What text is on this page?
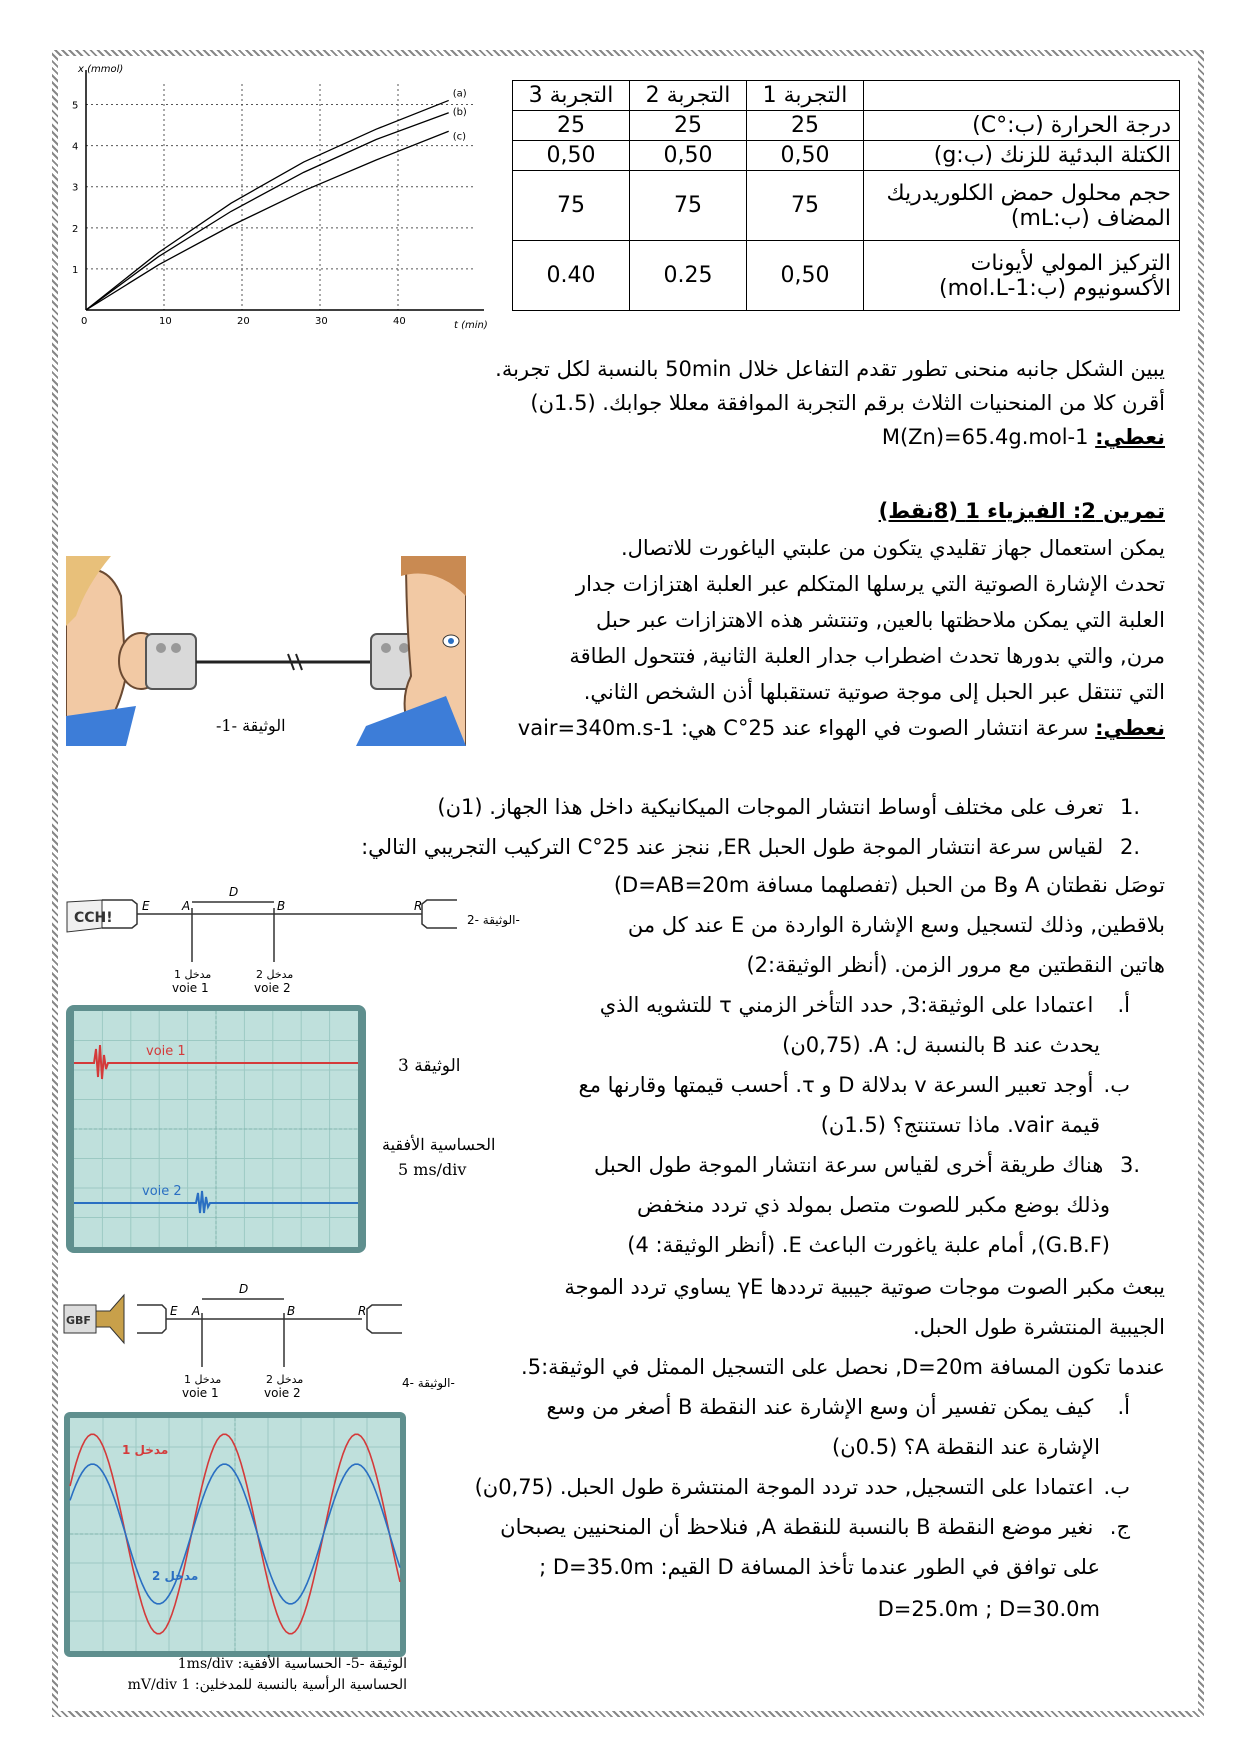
1
2
3
4
5
0	10	20	30	40
x (mmol)
t (min)
(a)
(b)
(c)
التجربة 3	التجربة 2	التجربة 1	
25	25	25	درجة الحرارة (ب:°C)
0,50	0,50	0,50	الكتلة البدئية للزنك (ب:g)
75	75	75	حجم محلول حمض الكلوريدريك المضاف (ب:mL)
0.40	0.25	0,50	التركيز المولي لأيونات الأكسونيوم (ب:mol.L-1)
يبين الشكل جانبه منحنى تطور تقدم التفاعل خلال 50min بالنسبة لكل تجربة.
أقرن كلا من المنحنيات الثلاث برقم التجربة الموافقة معللا جوابك. (1.5ن)
نعطي: M(Zn)=65.4g.mol-1
تمرين 2: الفيزياء 1 (8نقط)
الوثيقة -1-
يمكن استعمال جهاز تقليدي يتكون من علبتي الياغورت للاتصال.
تحدث الإشارة الصوتية التي يرسلها المتكلم عبر العلبة اهتزازات جدار
العلبة التي يمكن ملاحظتها بالعين, وتنتشر هذه الاهتزازات عبر حبل
مرن, والتي بدورها تحدث اضطراب جدار العلبة الثانية, فتتحول الطاقة
التي تنتقل عبر الحبل إلى موجة صوتية تستقبلها أذن الشخص الثاني.
نعطي: سرعة انتشار الصوت في الهواء عند 25°C هي: vair=340m.s-1
.1 تعرف على مختلف أوساط انتشار الموجات الميكانيكية داخل هذا الجهاز. (1ن)
.2 لقياس سرعة انتشار الموجة طول الحبل ER, ننجز عند 25°C التركيب التجريبي التالي:
توصَل نقطتان A وB من الحبل (تفصلهما مسافة D=AB=20m)
بلاقطين, وذلك لتسجيل وسع الإشارة الواردة من E عند كل من
هاتين النقطتين مع مرور الزمن. (أنظر الوثيقة:2)
أ. اعتمادا على الوثيقة:3, حدد التأخر الزمني τ للتشويه الذي
يحدث عند B بالنسبة ل: A. (0,75ن)
ب. أوجد تعبير السرعة v بدلالة D و τ. أحسب قيمتها وقارنها مع
قيمة vair. ماذا تستنتج؟ (1.5ن)
.3 هناك طريقة أخرى لقياس سرعة انتشار الموجة طول الحبل
وذلك بوضع مكبر للصوت متصل بمولد ذي تردد منخفض
(G.B.F), أمام علبة ياغورت الباعث E. (أنظر الوثيقة: 4)
يبعث مكبر الصوت موجات صوتية جيبية ترددها γE يساوي تردد الموجة
الجيبية المنتشرة طول الحبل.
عندما تكون المسافة D=20m, نحصل على التسجيل الممثل في الوثيقة:5.
أ. كيف يمكن تفسير أن وسع الإشارة عند النقطة B أصغر من وسع
الإشارة عند النقطة A؟ (0.5ن)
ب. اعتمادا على التسجيل, حدد تردد الموجة المنتشرة طول الحبل. (0,75ن)
ج. نغير موضع النقطة B بالنسبة للنقطة A, فنلاحظ أن المنحنيين يصبحان
على توافق في الطور عندما تأخذ المسافة D القيم: D=35.0m ;
D=25.0m ; D=30.0m
CCH!
E	A	B	R
D
مدخل 1
voie 1
مدخل 2
voie 2
الوثيقة -2-
voie 1
voie 2
الوثيقة 3
الحساسية الأفقية
5 ms/div
GBF
E A	B	R
D
مدخل 1
voie 1
مدخل 2
voie 2
الوثيقة -4-
مدخل 1
مدخل 2
الوثيقة -5- الحساسية الأفقية: 1ms/div
الحساسية الرأسية بالنسبة للمدخلين: 1 mV/div
